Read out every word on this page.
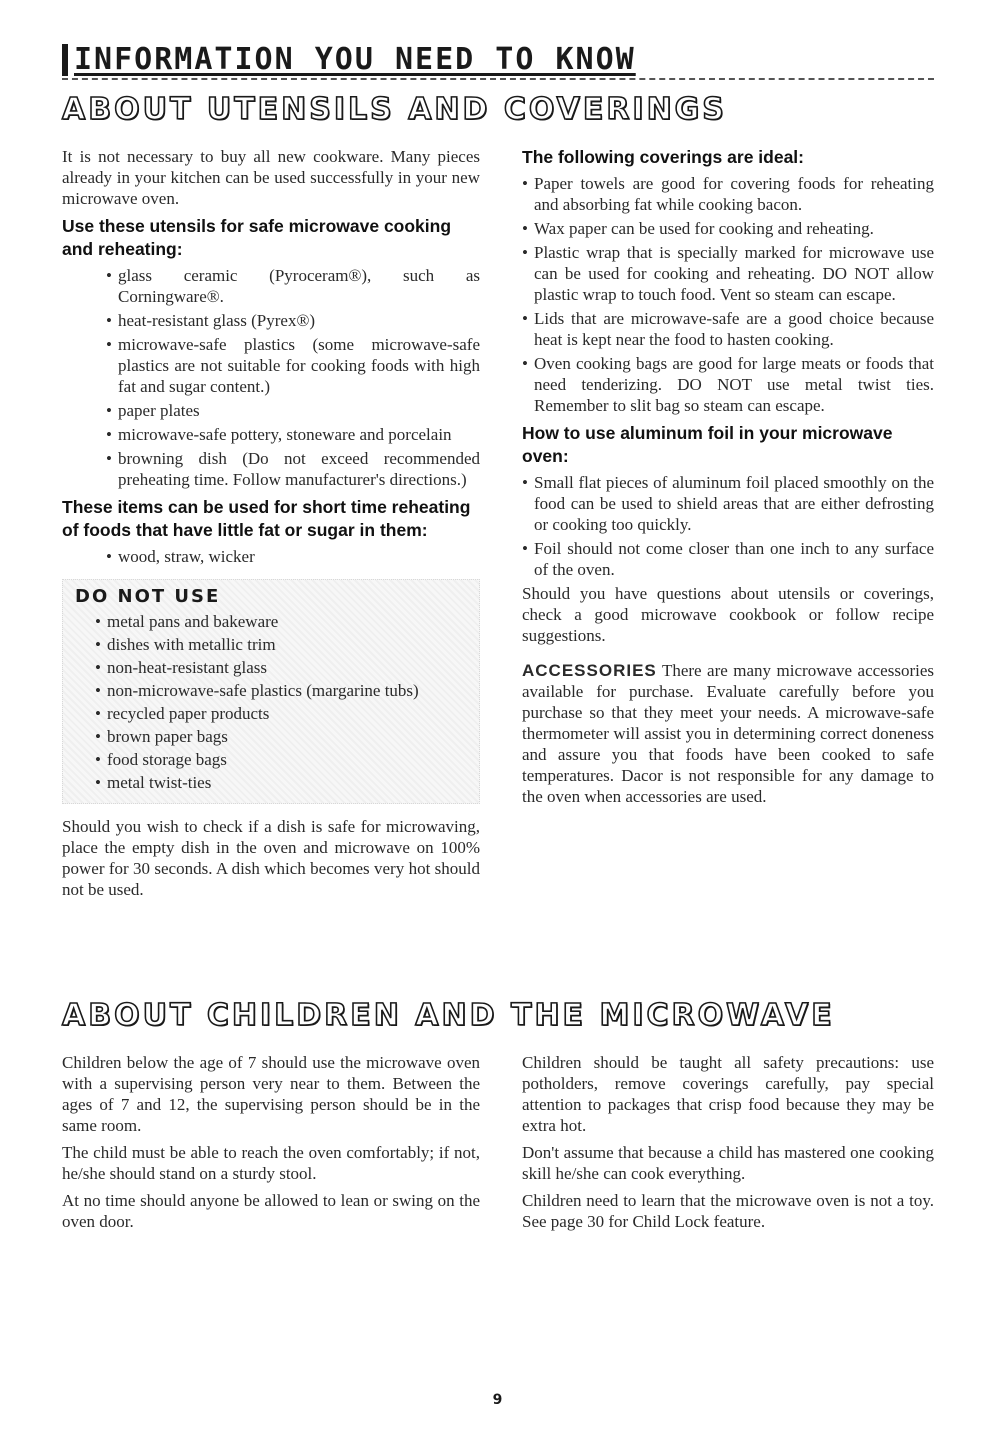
INFORMATION YOU NEED TO KNOW
ABOUT UTENSILS AND COVERINGS

It is not necessary to buy all new cookware. Many pieces already in your kitchen can be used successfully in your new microwave oven.

Use these utensils for safe microwave cooking and reheating:
• glass ceramic (Pyroceram®), such as Corningware®.
• heat-resistant glass (Pyrex®)
• microwave-safe plastics (some microwave-safe plastics are not suitable for cooking foods with high fat and sugar content.)
• paper plates
• microwave-safe pottery, stoneware and porcelain
• browning dish (Do not exceed recommended preheating time. Follow manufacturer's directions.)
These items can be used for short time reheating of foods that have little fat or sugar in them:
• wood, straw, wicker
DO NOT USE
• metal pans and bakeware
• dishes with metallic trim
• non-heat-resistant glass
• non-microwave-safe plastics (margarine tubs)
• recycled paper products
• brown paper bags
• food storage bags
• metal twist-ties

Should you wish to check if a dish is safe for microwaving, place the empty dish in the oven and microwave on 100% power for 30 seconds. A dish which becomes very hot should not be used.

The following coverings are ideal:
• Paper towels are good for covering foods for reheating and absorbing fat while cooking bacon.
• Wax paper can be used for cooking and reheating.
• Plastic wrap that is specially marked for microwave use can be used for cooking and reheating. DO NOT allow plastic wrap to touch food. Vent so steam can escape.
• Lids that are microwave-safe are a good choice because heat is kept near the food to hasten cooking.
• Oven cooking bags are good for large meats or foods that need tenderizing. DO NOT use metal twist ties. Remember to slit bag so steam can escape.
How to use aluminum foil in your microwave oven:
• Small flat pieces of aluminum foil placed smoothly on the food can be used to shield areas that are either defrosting or cooking too quickly.
• Foil should not come closer than one inch to any surface of the oven.

Should you have questions about utensils or coverings, check a good microwave cookbook or follow recipe suggestions.

ACCESSORIES There are many microwave accessories available for purchase. Evaluate carefully before you purchase so that they meet your needs. A microwave-safe thermometer will assist you in determining correct doneness and assure you that foods have been cooked to safe temperatures. Dacor is not responsible for any damage to the oven when accessories are used.

ABOUT CHILDREN AND THE MICROWAVE

Children below the age of 7 should use the microwave oven with a supervising person very near to them. Between the ages of 7 and 12, the supervising person should be in the same room.

The child must be able to reach the oven comfortably; if not, he/she should stand on a sturdy stool.

At no time should anyone be allowed to lean or swing on the oven door.

Children should be taught all safety precautions: use potholders, remove coverings carefully, pay special attention to packages that crisp food because they may be extra hot.

Don't assume that because a child has mastered one cooking skill he/she can cook everything.

Children need to learn that the microwave oven is not a toy. See page 30 for Child Lock feature.

9
